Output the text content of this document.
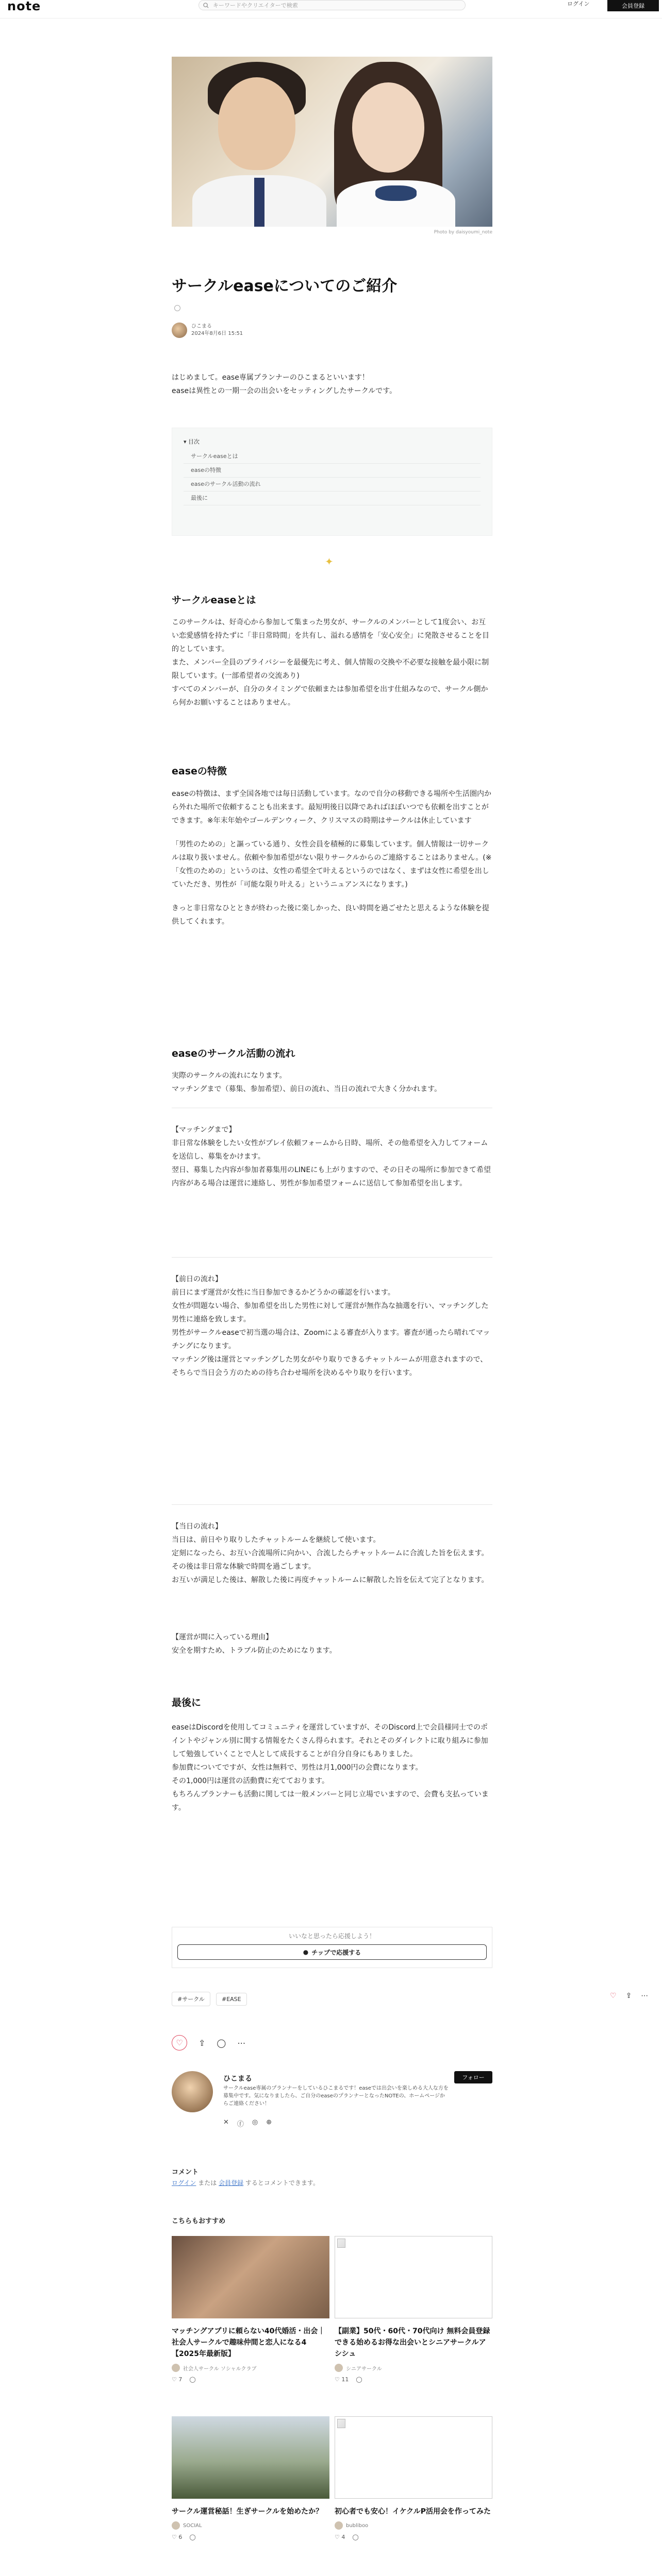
note	キーワードやクリエイターで検索	ログイン	会員登録
Photo by daisyoumi_note
サークルeaseについてのご紹介
ひこまる
2024年8月6日 15:51
はじめまして。ease専属プランナーのひこまるといいます！
easeは異性との一期一会の出会いをセッティングしたサークルです。
▾ 目次
サークルeaseとは
easeの特徴
easeのサークル活動の流れ
最後に
✦
サークルeaseとは

このサークルは、好奇心から参加して集まった男女が、サークルのメンバーとして1度会い、お互い恋愛感情を持たずに「非日常時間」を共有し、溢れる感情を「安心安全」に発散させることを目的としています。

また、メンバー全員のプライバシーを最優先に考え、個人情報の交換や不必要な接触を最小限に制限しています。(一部希望者の交流あり)

すべてのメンバーが、自分のタイミングで依頼または参加希望を出す仕組みなので、サークル側から何かお願いすることはありません。

easeの特徴

easeの特徴は、まず全国各地では毎日活動しています。なので自分の移動できる場所や生活圏内から外れた場所で依頼することも出来ます。最短明後日以降であればほぼいつでも依頼を出すことができます。※年末年始やゴールデンウィーク、クリスマスの時期はサークルは休止しています

「男性のための」と謳っている通り、女性会員を積極的に募集しています。個人情報は一切サークルは取り扱いません。依頼や参加希望がない限りサークルからのご連絡することはありません。(※「女性のための」というのは、女性の希望全て叶えるというのではなく、まずは女性に希望を出していただき、男性が「可能な限り叶える」というニュアンスになります。)

きっと非日常なひとときが終わった後に楽しかった、良い時間を過ごせたと思えるような体験を提供してくれます。

easeのサークル活動の流れ

実際のサークルの流れになります。

マッチングまで（募集、参加希望）、前日の流れ、当日の流れで大きく分かれます。

【マッチングまで】

非日常な体験をしたい女性がプレイ依頼フォームから日時、場所、その他希望を入力してフォームを送信し、募集をかけます。

翌日、募集した内容が参加者募集用のLINEにも上がりますので、その日その場所に参加できて希望内容がある場合は運営に連絡し、男性が参加希望フォームに送信して参加希望を出します。

【前日の流れ】

前日にまず運営が女性に当日参加できるかどうかの確認を行います。

女性が問題ない場合、参加希望を出した男性に対して運営が無作為な抽選を行い、マッチングした男性に連絡を致します。

男性がサークルeaseで初当選の場合は、Zoomによる審査が入ります。審査が通ったら晴れてマッチングになります。

マッチング後は運営とマッチングした男女がやり取りできるチャットルームが用意されますので、そちらで当日会う方のための待ち合わせ場所を決めるやり取りを行います。

【当日の流れ】

当日は、前日やり取りしたチャットルームを継続して使います。

定刻になったら、お互い合流場所に向かい、合流したらチャットルームに合流した旨を伝えます。その後は非日常な体験で時間を過ごします。

お互いが満足した後は、解散した後に再度チャットルームに解散した旨を伝えて完了となります。

【運営が間に入っている理由】

安全を期すため、トラブル防止のためになります。

最後に

easeはDiscordを使用してコミュニティを運営していますが、そのDiscord上で会員様同士でのポイントやジャンル別に関する情報をたくさん得られます。それとそのダイレクトに取り組みに参加して勉強していくことで人として成長することが自分自身にもありました。

参加費についてですが、女性は無料で、男性は月1,000円の会費になります。

その1,000円は運営の活動費に充てております。

もちろんプランナーも活動に関しては一般メンバーと同じ立場でいますので、会費も支払っています。

いいなと思ったら応援しよう！
● チップで応援する
#サークル	#EASE	♡ ⇪ ⋯
♡ ⇪ ◯ ⋯
ひこまる
サークルease専属のプランナーをしているひこまるです！easeでは出会いを楽しめる大人な方を募集中です。気になりましたら、ご自分のeaseのプランナーとなったNOTEの、ホームページからご連絡ください！
フォロー
✕ ⓕ ◎ ⊕
コメント
ログイン または 会員登録 するとコメントできます。
こちらもおすすめ
マッチングアプリに頼らない40代婚活・出会｜社会人サークルで趣味仲間と恋人になる4【2025年最新版】
社会人サークル ソシャルクラブ
♡ 7 ◯
【副業】50代・60代・70代向け 無料会員登録できる始めるお得な出会いとシニアサークルアシシュ
シニアサークル
♡ 11 ◯
サークル運営秘話！生ぎサークルを始めたか？
SOCIAL
♡ 6 ◯
初心者でも安心！イケクルP活用会を作ってみた
bubliboo
♡ 4 ◯
